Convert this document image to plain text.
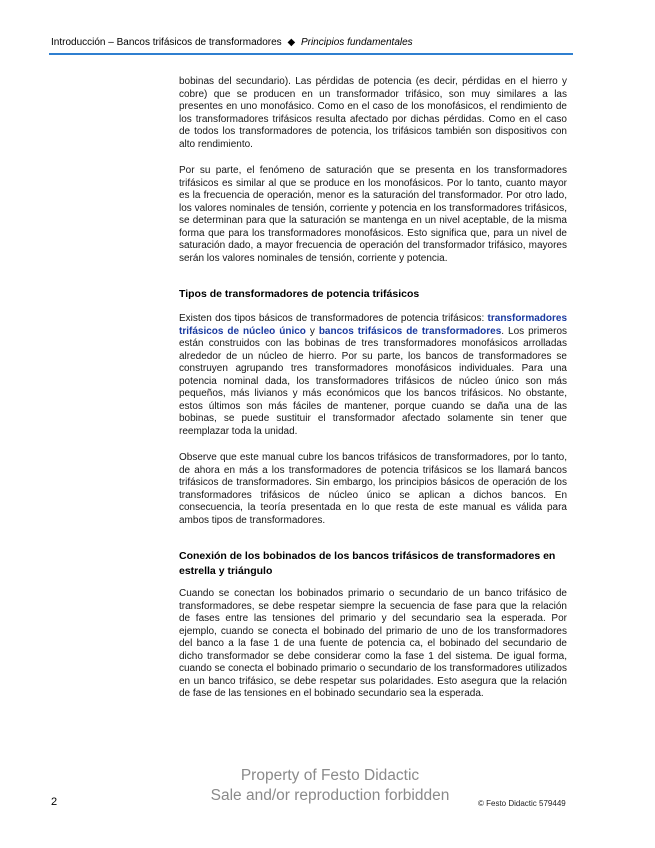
Introducción – Bancos trifásicos de transformadores ◆ Principios fundamentales

bobinas del secundario). Las pérdidas de potencia (es decir, pérdidas en el hierro y cobre) que se producen en un transformador trifásico, son muy similares a las presentes en uno monofásico. Como en el caso de los monofásicos, el rendimiento de los transformadores trifásicos resulta afectado por dichas pérdidas. Como en el caso de todos los transformadores de potencia, los trifásicos también son dispositivos con alto rendimiento.

Por su parte, el fenómeno de saturación que se presenta en los transformadores trifásicos es similar al que se produce en los monofásicos. Por lo tanto, cuanto mayor es la frecuencia de operación, menor es la saturación del transformador. Por otro lado, los valores nominales de tensión, corriente y potencia en los transformadores trifásicos, se determinan para que la saturación se mantenga en un nivel aceptable, de la misma forma que para los transformadores monofásicos. Esto significa que, para un nivel de saturación dado, a mayor frecuencia de operación del transformador trifásico, mayores serán los valores nominales de tensión, corriente y potencia.

Tipos de transformadores de potencia trifásicos

Existen dos tipos básicos de transformadores de potencia trifásicos: transformadores trifásicos de núcleo único y bancos trifásicos de transformadores. Los primeros están construidos con las bobinas de tres transformadores monofásicos arrolladas alrededor de un núcleo de hierro. Por su parte, los bancos de transformadores se construyen agrupando tres transformadores monofásicos individuales. Para una potencia nominal dada, los transformadores trifásicos de núcleo único son más pequeños, más livianos y más económicos que los bancos trifásicos. No obstante, estos últimos son más fáciles de mantener, porque cuando se daña una de las bobinas, se puede sustituir el transformador afectado solamente sin tener que reemplazar toda la unidad.

Observe que este manual cubre los bancos trifásicos de transformadores, por lo tanto, de ahora en más a los transformadores de potencia trifásicos se los llamará bancos trifásicos de transformadores. Sin embargo, los principios básicos de operación de los transformadores trifásicos de núcleo único se aplican a dichos bancos. En consecuencia, la teoría presentada en lo que resta de este manual es válida para ambos tipos de transformadores.

Conexión de los bobinados de los bancos trifásicos de transformadores en estrella y triángulo

Cuando se conectan los bobinados primario o secundario de un banco trifásico de transformadores, se debe respetar siempre la secuencia de fase para que la relación de fases entre las tensiones del primario y del secundario sea la esperada. Por ejemplo, cuando se conecta el bobinado del primario de uno de los transformadores del banco a la fase 1 de una fuente de potencia ca, el bobinado del secundario de dicho transformador se debe considerar como la fase 1 del sistema. De igual forma, cuando se conecta el bobinado primario o secundario de los transformadores utilizados en un banco trifásico, se debe respetar sus polaridades. Esto asegura que la relación de fase de las tensiones en el bobinado secundario sea la esperada.

Property of Festo Didactic
Sale and/or reproduction forbidden
2	© Festo Didactic 579449
